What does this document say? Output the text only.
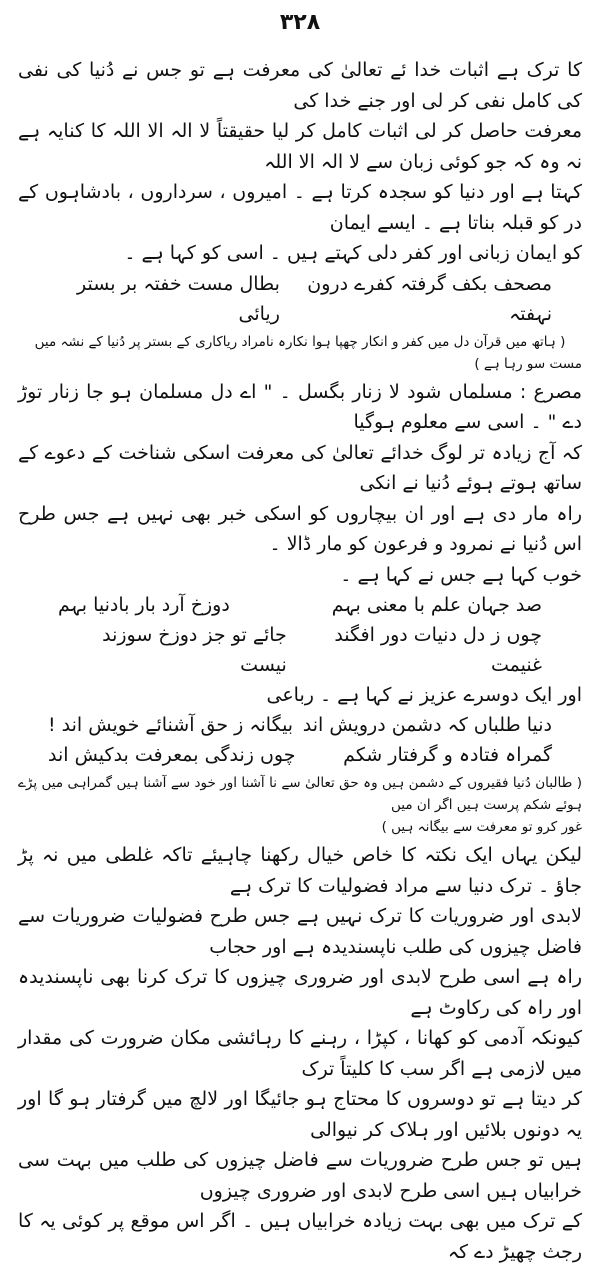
۳۲۸
کا ترک ہے اثبات خدا ئے تعالیٰ کی معرفت ہے تو جس نے دُنیا کی نفی کی کامل نفی کر لی اور جنے خدا کی
معرفت حاصل کر لی اثبات کامل کر لیا حقیقتاً لا الہ الا اللہ کا کنایہ ہے نہ وہ کہ جو کوئی زبان سے لا الہ الا اللہ
کہتا ہے اور دنیا کو سجدہ کرتا ہے ۔ امیروں ، سرداروں ، بادشاہوں کے در کو قبلہ بناتا ہے ۔ ایسے ایمان
کو ایمان زبانی اور کفر دلی کہتے ہیں ۔ اسی کو کہا ہے ۔
مصحف بکف گرفتہ کفرے درون نہفتہ
بطال مست خفتہ بر بستر ریائی
( ہاتھ میں قرآن دل میں کفر و انکار چھپا ہوا نکارہ نامراد ریاکاری کے بستر پر دُنیا کے نشہ میں مست سو رہا ہے )
مصرع : مسلماں شود لا زنار بگسل ۔ " اے دل مسلمان ہو جا زنار توڑ دے " ۔ اسی سے معلوم ہوگیا
کہ آج زیادہ تر لوگ خدائے تعالیٰ کی معرفت اسکی شناخت کے دعوے کے ساتھ ہوتے ہوئے دُنیا نے انکی
راہ مار دی ہے اور ان بیچاروں کو اسکی خبر بھی نہیں ہے جس طرح اس دُنیا نے نمرود و فرعون کو مار ڈالا ۔
خوب کہا ہے جس نے کہا ہے ۔
صد جہان علم با معنی بہم
دوزخ آرد بار بادنیا بہم
چوں ز دل دنیات دور افگند غنیمت
جائے تو جز دوزخ سوزند نیست
اور ایک دوسرے عزیز نے کہا ہے ۔ رباعی
دنیا طلباں کہ دشمن درویش اند
بیگانہ ز حق آشنائے خویش اند !
گمراہ فتادہ و گرفتار شکم
چوں زندگی بمعرفت بدکیش اند
( طالبان دُنیا فقیروں کے دشمن ہیں وہ حق تعالیٰ سے نا آشنا اور خود سے آشنا ہیں گمراہی میں پڑے ہوئے شکم پرست ہیں اگر ان میں
غور کرو تو معرفت سے بیگانہ ہیں )
لیکن یہاں ایک نکتہ کا خاص خیال رکھنا چاہیئے تاکہ غلطی میں نہ پڑ جاؤ ۔ ترک دنیا سے مراد فضولیات کا ترک ہے
لابدی اور ضروریات کا ترک نہیں ہے جس طرح فضولیات ضروریات سے فاضل چیزوں کی طلب ناپسندیدہ ہے اور حجاب
راہ ہے اسی طرح لابدی اور ضروری چیزوں کا ترک کرنا بھی ناپسندیدہ اور راہ کی رکاوٹ ہے
کیونکہ آدمی کو کھانا ، کپڑا ، رہنے کا رہائشی مکان ضرورت کی مقدار میں لازمی ہے اگر سب کا کلیتاً ترک
کر دیتا ہے تو دوسروں کا محتاج ہو جائیگا اور لالچ میں گرفتار ہو گا اور یہ دونوں بلائیں اور ہلاک کر نیوالی
ہیں تو جس طرح ضروریات سے فاضل چیزوں کی طلب میں بہت سی خرابیاں ہیں اسی طرح لابدی اور ضروری چیزوں
کے ترک میں بھی بہت زیادہ خرابیاں ہیں ۔ اگر اس موقع پر کوئی یہ کا رجث چھیڑ دے کہ
